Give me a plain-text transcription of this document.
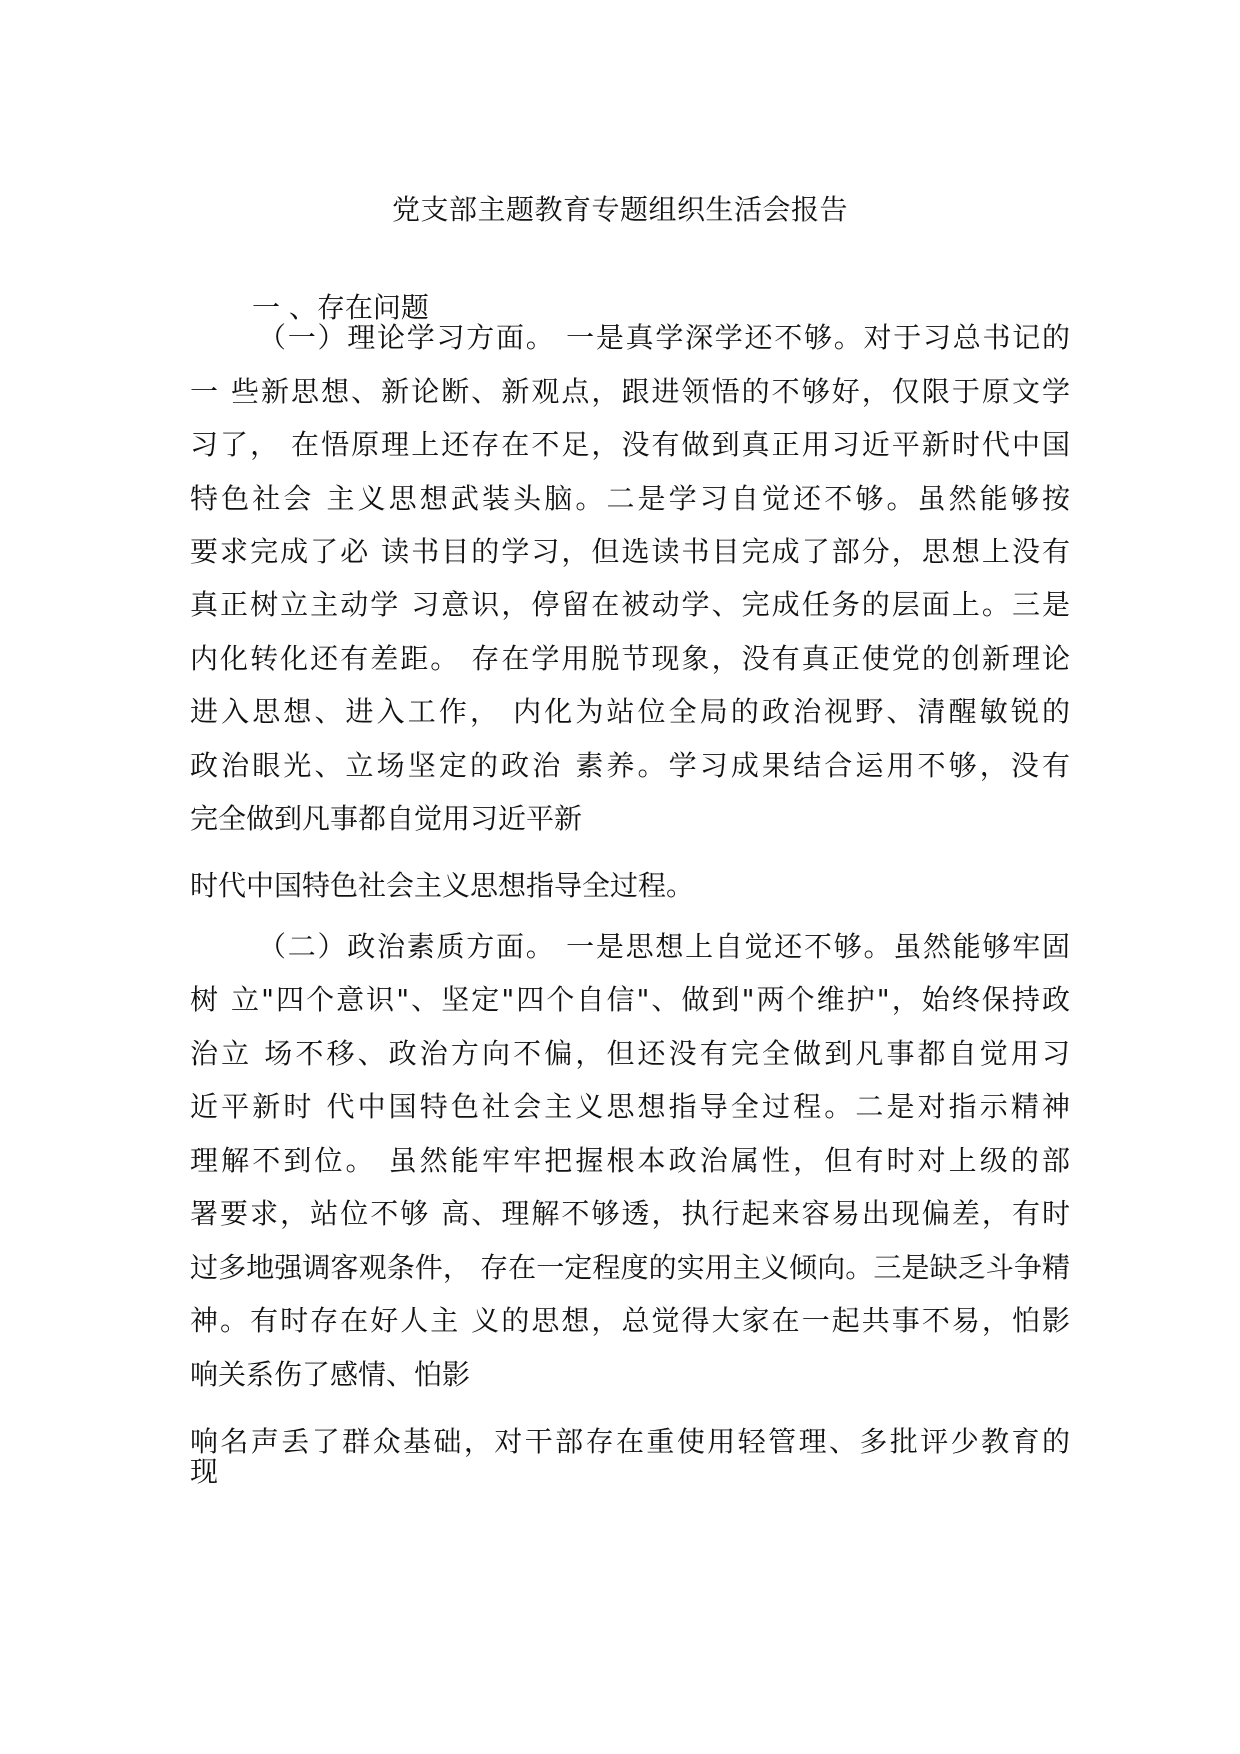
党支部主题教育专题组织生活会报告
一 、存在问题
（一）理论学习方面。 一是真学深学还不够。对于习总书记的
一 些新思想、新论断、新观点，跟进领悟的不够好，仅限于原文学
习了， 在悟原理上还存在不足，没有做到真正用习近平新时代中国
特色社会 主义思想武装头脑。二是学习自觉还不够。虽然能够按
要求完成了必 读书目的学习，但选读书目完成了部分，思想上没有
真正树立主动学 习意识，停留在被动学、完成任务的层面上。三是
内化转化还有差距。 存在学用脱节现象，没有真正使党的创新理论
进入思想、进入工作， 内化为站位全局的政治视野、清醒敏锐的
政治眼光、立场坚定的政治 素养。学习成果结合运用不够，没有
完全做到凡事都自觉用习近平新
时代中国特色社会主义思想指导全过程。
（二）政治素质方面。 一是思想上自觉还不够。虽然能够牢固
树 立"四个意识"、坚定"四个自信"、做到"两个维护"，始终保持政
治立 场不移、政治方向不偏，但还没有完全做到凡事都自觉用习
近平新时 代中国特色社会主义思想指导全过程。二是对指示精神
理解不到位。 虽然能牢牢把握根本政治属性，但有时对上级的部
署要求，站位不够 高、理解不够透，执行起来容易出现偏差，有时
过多地强调客观条件， 存在一定程度的实用主义倾向。三是缺乏斗争精
神。有时存在好人主 义的思想，总觉得大家在一起共事不易，怕影
响关系伤了感情、怕影
响名声丢了群众基础，对干部存在重使用轻管理、多批评少教育的
现
